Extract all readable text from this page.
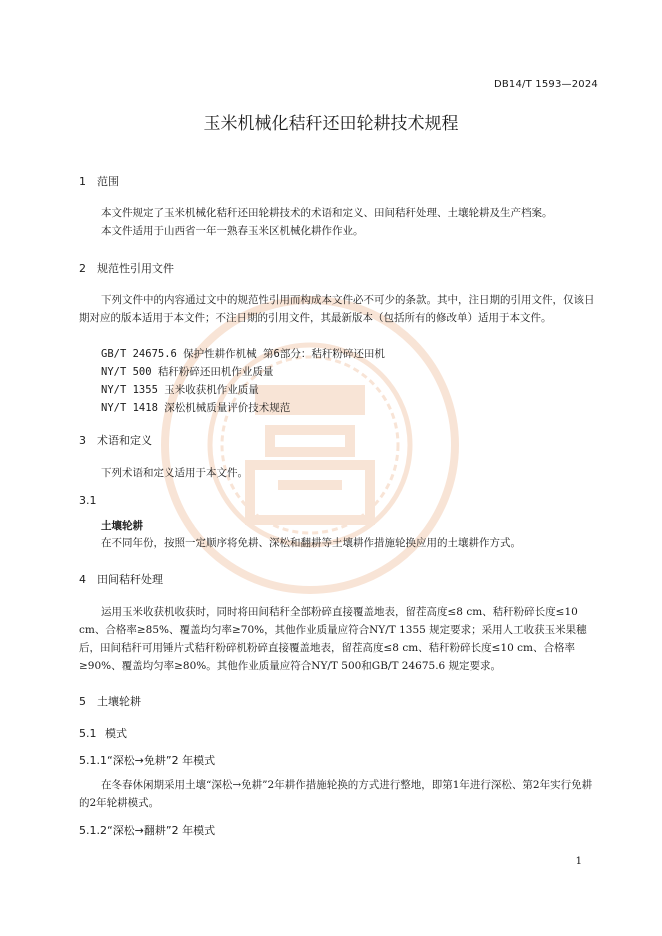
DB14/T 1593—2024
玉米机械化秸秆还田轮耕技术规程
1 范围
本文件规定了玉米机械化秸秆还田轮耕技术的术语和定义、田间秸秆处理、土壤轮耕及生产档案。
本文件适用于山西省一年一熟春玉米区机械化耕作作业。
2 规范性引用文件
下列文件中的内容通过文中的规范性引用而构成本文件必不可少的条款。其中，注日期的引用文件，仅该日期对应的版本适用于本文件；不注日期的引用文件，其最新版本（包括所有的修改单）适用于本文件。
GB/T 24675.6 保护性耕作机械 第6部分：秸秆粉碎还田机
NY/T 500 秸秆粉碎还田机作业质量
NY/T 1355 玉米收获机作业质量
NY/T 1418 深松机械质量评价技术规范
3 术语和定义
下列术语和定义适用于本文件。
3.1
土壤轮耕
在不同年份，按照一定顺序将免耕、深松和翻耕等土壤耕作措施轮换应用的土壤耕作方式。
4 田间秸秆处理
运用玉米收获机收获时，同时将田间秸秆全部粉碎直接覆盖地表，留茬高度≤8 cm、秸秆粉碎长度≤10 cm、合格率≥85%、覆盖均匀率≥70%，其他作业质量应符合NY/T 1355 规定要求；采用人工收获玉米果穗后，田间秸秆可用锤片式秸秆粉碎机粉碎直接覆盖地表，留茬高度≤8 cm、秸秆粉碎长度≤10 cm、合格率≥90%、覆盖均匀率≥80%。其他作业质量应符合NY/T 500和GB/T 24675.6 规定要求。
5 土壤轮耕
5.1 模式
5.1.1“深松→免耕”2 年模式
在冬春休闲期采用土壤“深松→免耕”2年耕作措施轮换的方式进行整地，即第1年进行深松、第2年实行免耕的2年轮耕模式。
5.1.2“深松→翻耕”2 年模式
1
